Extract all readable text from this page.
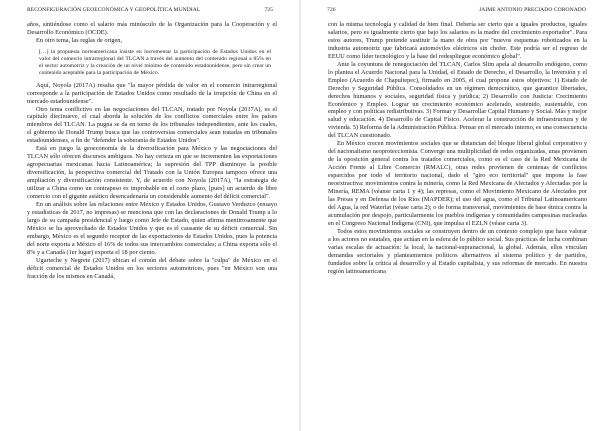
RECONFIGURACIÓN GEOECONÓMICA Y GEOPOLÍTICA MUNDIAL	725

años, sintiéndose como el salario más minúsculo de la Organización para la Cooperación y el Desarrollo Económico (OCDE).

En otro tema, las reglas de origen,

[…] la propuesta norteamericana insiste en incrementar la participación de Estados Unidos en el valor del comercio intrarregional del TLCAN a través del aumento del contenido regional a 85% en el sector automotriz y la creación de un nivel mínimo de contenido estadounidense, pero sin crear un contenido aceptable para la participación de México.

Aquí, Noyola (2017A) resalta que "la mayor pérdida de valor en el comercio intrarregional corresponde a la participación de Estados Unidos como resultado de la irrupción de China en el mercado estadounidense".

Otro tema conflictivo en las negociaciones del TLCAN, tratado por Noyola (2017A), es el capítulo diecinueve, el cual aborda la solución de los conflictos comerciales entre los países miembros del TLCAN. La pugna se da en torno de los tribunales independientes, ante los cuales, el gobierno de Donald Trump busca que las controversias comerciales sean tratadas en tribunales estadounidenses, a fin de "defender la soberanía de Estados Unidos".

Está en juego la geoeconomía de la diversificación para México y las negociaciones del TLCAN sólo ofrecen discursos ambiguos. No hay certeza en que se incrementen las exportaciones agropecuarias mexicanas hacia Latinoamérica; la supresión del TPP disminuye la posible diversificación, la perspectiva comercial del Tratado con la Unión Europea tampoco ofrece una ampliación y diversificación consistente. Y, de acuerdo con Noyola (2017A), "la estrategia de utilizar a China como un contrapeso es improbable en el corto plazo, [pues] un acuerdo de libre comercio con el gigante asiático desencadenaría un considerable aumento del déficit comercial".

En un análisis sobre las relaciones entre México y Estados Unidos, Gustavo Verduzco (ensayo y estadísticas de 2017, no impresas) se menciona que con las declaraciones de Donald Trump a lo largo de su campaña presidencial y luego como Jefe de Estado, quien afirma mentirosamente que México se ha aprovechado de Estados Unidos y que es el causante de su déficit comercial. Sin embargo, México es el segundo receptor de las exportaciones de Estados Unidos, pues la potencia del norte exporta a México el 16% de todos sus intercambios comerciales; a China exporta sólo el 8% y a Canadá (1er lugar) exporta el 18 por ciento.

Ugarteche y Negrete (2017) ubican el común del debate sobre la "culpa" de México en el déficit comercial de Estados Unidos en los sectores automotrices, pues "en México son una fracción de los mismos en Canadá,

726	JAIME ANTONIO PRECIADO CORONADO

con la misma tecnología y calidad de bien final. Debería ser cierto que a iguales productos, iguales salarios, pero es igualmente cierto que bajo los salarios es la madre del crecimiento exportador". Para estos autores, Trump pretende sustituir la mano de obra por "nuevos esquemas robotizados en la industria automotriz que fabricará automóviles eléctricos sin chofer. Este podría ser el regreso de EEUU como líder tecnológico y la base del redespliegue económico global".

Ante la coyuntura de renegociación del TLCAN, Carlos Slim apela al desarrollo endógeno, como lo plantea el Acuerdo Nacional para la Unidad, el Estado de Derecho, el Desarrollo, la Inversión y el Empleo (Acuerdo de Chapultepec), firmado en 2005, el cual propone estos objetivos: 1) Estado de Derecho y Seguridad Pública. Consolidados en un régimen democrático, que garantice libertades, derechos humanos y sociales, seguridad física y jurídica; 2) Desarrollo con Justicia: Crecimiento Económico y Empleo. Lograr un crecimiento económico acelerado, sostenido, sustentable, con empleo y con políticas redistributivas. 3) Formar y Desarrollar Capital Humano y Social. Más y mejor salud y educación. 4) Desarrollo de Capital Físico. Acelerar la construcción de infraestructura y de vivienda. 5) Reforma de la Administración Pública. Pensar en el mercado interno, es una consecuencia del TLCAN cuestionado.

En México crecen movimientos sociales que se distancian del bloque liberal global corporativo y del nacionalismo neoproteccionista. Converge una multiplicidad de redes organizadas, unas provienen de la oposición general contra los tratados comerciales, como es el caso de la Red Mexicana de Acción Frente al Libre Comercio (RMALC), otras redes provienen de centenas de conflictos esparcidos por todo el territorio nacional, dado el "giro eco territorial" que impone la fase neoextractiva: movimientos contra la minería, como la Red Mexicana de Afectados y Afectadas por la Minería, REMA (véanse carta 1 y 4); las represas, como el Movimiento Mexicano de Afectados por las Presas y en Defensa de los Ríos (MAPDER); el uso del agua, como el Tribunal Latinoamericano del Agua, la red Waterlat (véase carta 2); o de forma transversal, movimientos de base étnica contra la acumulación por despojo, particularmente los pueblos indígenas y comunidades campesinas nucleadas en el Congreso Nacional Indígena (CNI), que impulsa el EZLN (véase carta 3).

Todos estos movimientos sociales se construyen dentro de un contexto complejo que hace valorar a los actores no estatales, que actúan en la esfera de lo público social. Sus prácticas de lucha combinan varias escalas de actuación: la local, la nacional-supranacional, la global. Además, ellos vinculan demandas sectoriales y planteamientos políticos alternativos al sistema político y de partidos, fundados sobre la crítica al desarrollo y al Estado capitalista, y sus reformas de mercado. En nuestra región latinoamericana
